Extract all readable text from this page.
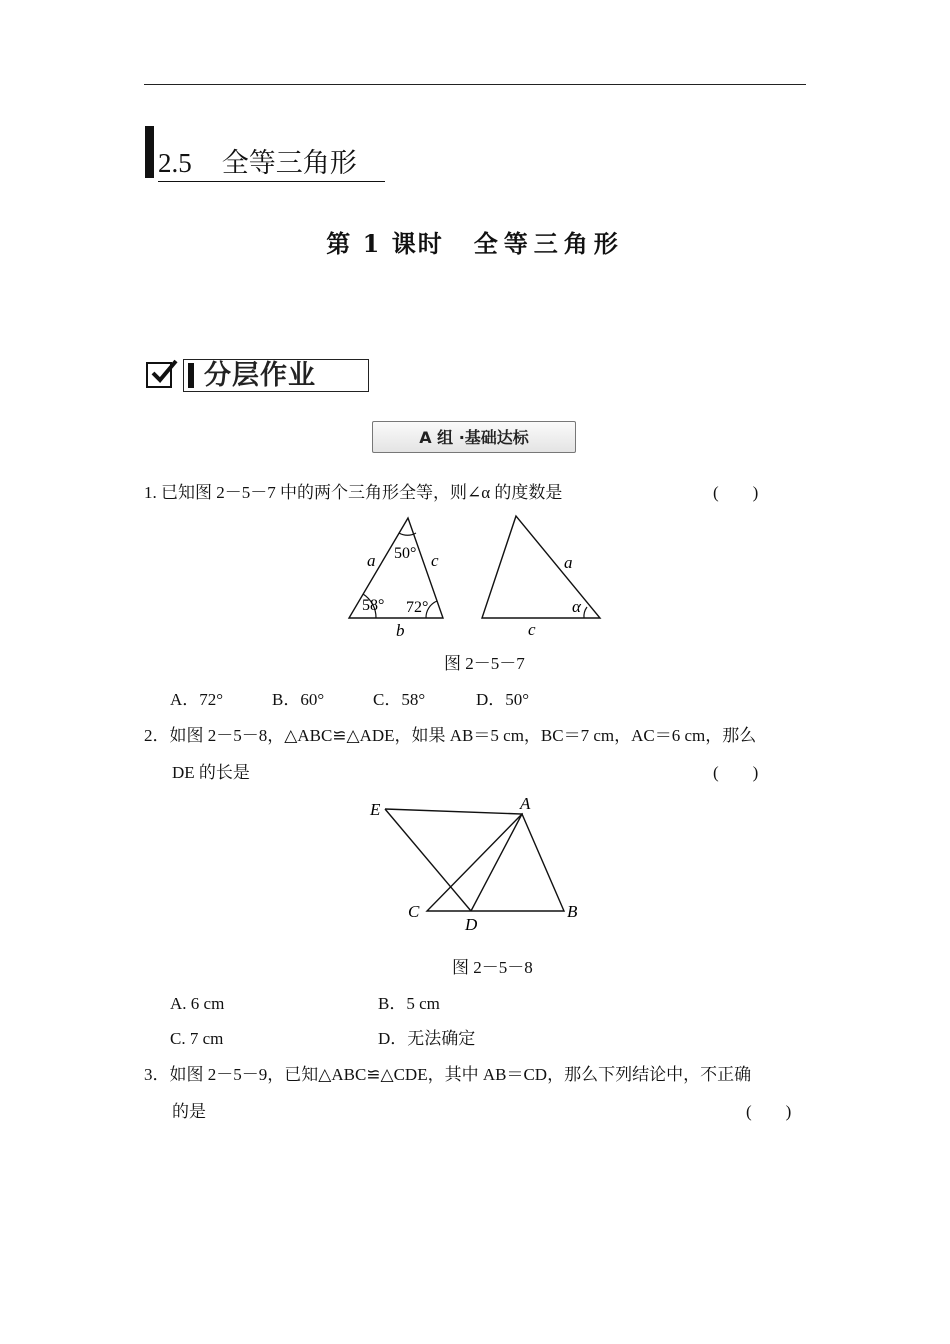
2.5 全等三角形
第 1 课时 全等三角形
分层作业
A 组 ·基础达标
1. 已知图 2－5－7 中的两个三角形全等，则∠α 的度数是	(　　)
a	c
b
50°
58° 72°
a
α
c
图 2－5－7
A．72°	B．60°	C．58°	D．50°
2．如图 2－5－8，△ABC≌△ADE，如果 AB＝5 cm，BC＝7 cm，AC＝6 cm，那么
DE 的长是	(　　)
E	A
C
D
B
图 2－5－8
A. 6 cm	B．5 cm
C. 7 cm	D．无法确定
3．如图 2－5－9，已知△ABC≌△CDE，其中 AB＝CD，那么下列结论中，不正确
的是	(　　)
